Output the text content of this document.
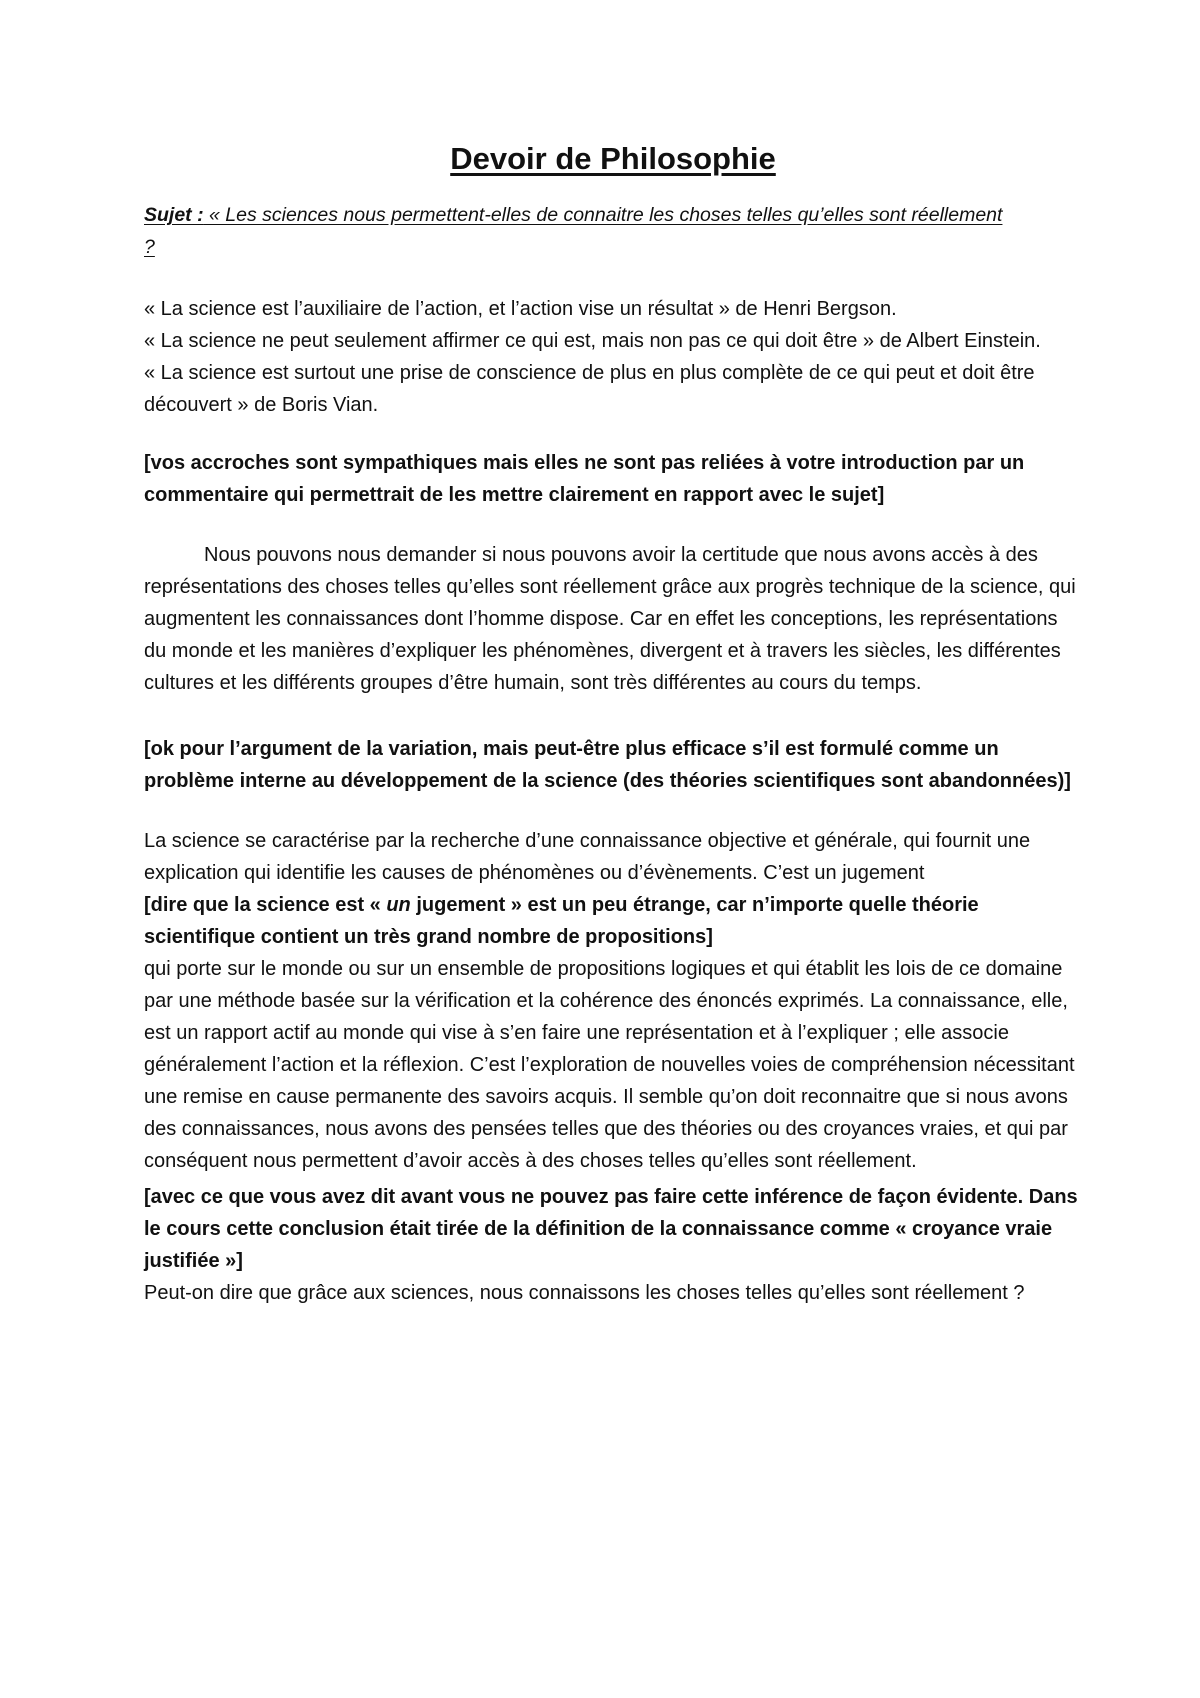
Devoir de Philosophie

Sujet : « Les sciences nous permettent-elles de connaitre les choses telles qu’elles sont réellement ?

« La science est l’auxiliaire de l’action, et l’action vise un résultat » de Henri Bergson.
« La science ne peut seulement affirmer ce qui est, mais non pas ce qui doit être » de Albert Einstein.
« La science est surtout une prise de conscience de plus en plus complète de ce qui peut et doit être découvert » de Boris Vian.

[vos accroches sont sympathiques mais elles ne sont pas reliées à votre introduction par un commentaire qui permettrait de les mettre clairement en rapport avec le sujet]

Nous pouvons nous demander si nous pouvons avoir la certitude que nous avons accès à des représentations des choses telles qu’elles sont réellement grâce aux progrès technique de la science, qui augmentent les connaissances dont l’homme dispose. Car en effet les conceptions, les représentations du monde et les manières d’expliquer les phénomènes, divergent et à travers les siècles, les différentes cultures et les différents groupes d’être humain, sont très différentes au cours du temps.

[ok pour l’argument de la variation, mais peut-être plus efficace s’il est formulé comme un problème interne au développement de la science (des théories scientifiques sont abandonnées)]

La science se caractérise par la recherche d’une connaissance objective et générale, qui fournit une explication qui identifie les causes de phénomènes ou d’évènements. C’est un jugement

[dire que la science est « un jugement » est un peu étrange, car n’importe quelle théorie scientifique contient un très grand nombre de propositions]

qui porte sur le monde ou sur un ensemble de propositions logiques et qui établit les lois de ce domaine par une méthode basée sur la vérification et la cohérence des énoncés exprimés. La connaissance, elle, est un rapport actif au monde qui vise à s’en faire une représentation et à l’expliquer ; elle associe généralement l’action et la réflexion. C’est l’exploration de nouvelles voies de compréhension nécessitant une remise en cause permanente des savoirs acquis. Il semble qu’on doit reconnaitre que si nous avons des connaissances, nous avons des pensées telles que des théories ou des croyances vraies, et qui par conséquent nous permettent d’avoir accès à des choses telles qu’elles sont réellement.

[avec ce que vous avez dit avant vous ne pouvez pas faire cette inférence de façon évidente. Dans le cours cette conclusion était tirée de la définition de la connaissance comme « croyance vraie justifiée »]

Peut-on dire que grâce aux sciences, nous connaissons les choses telles qu’elles sont réellement ?
